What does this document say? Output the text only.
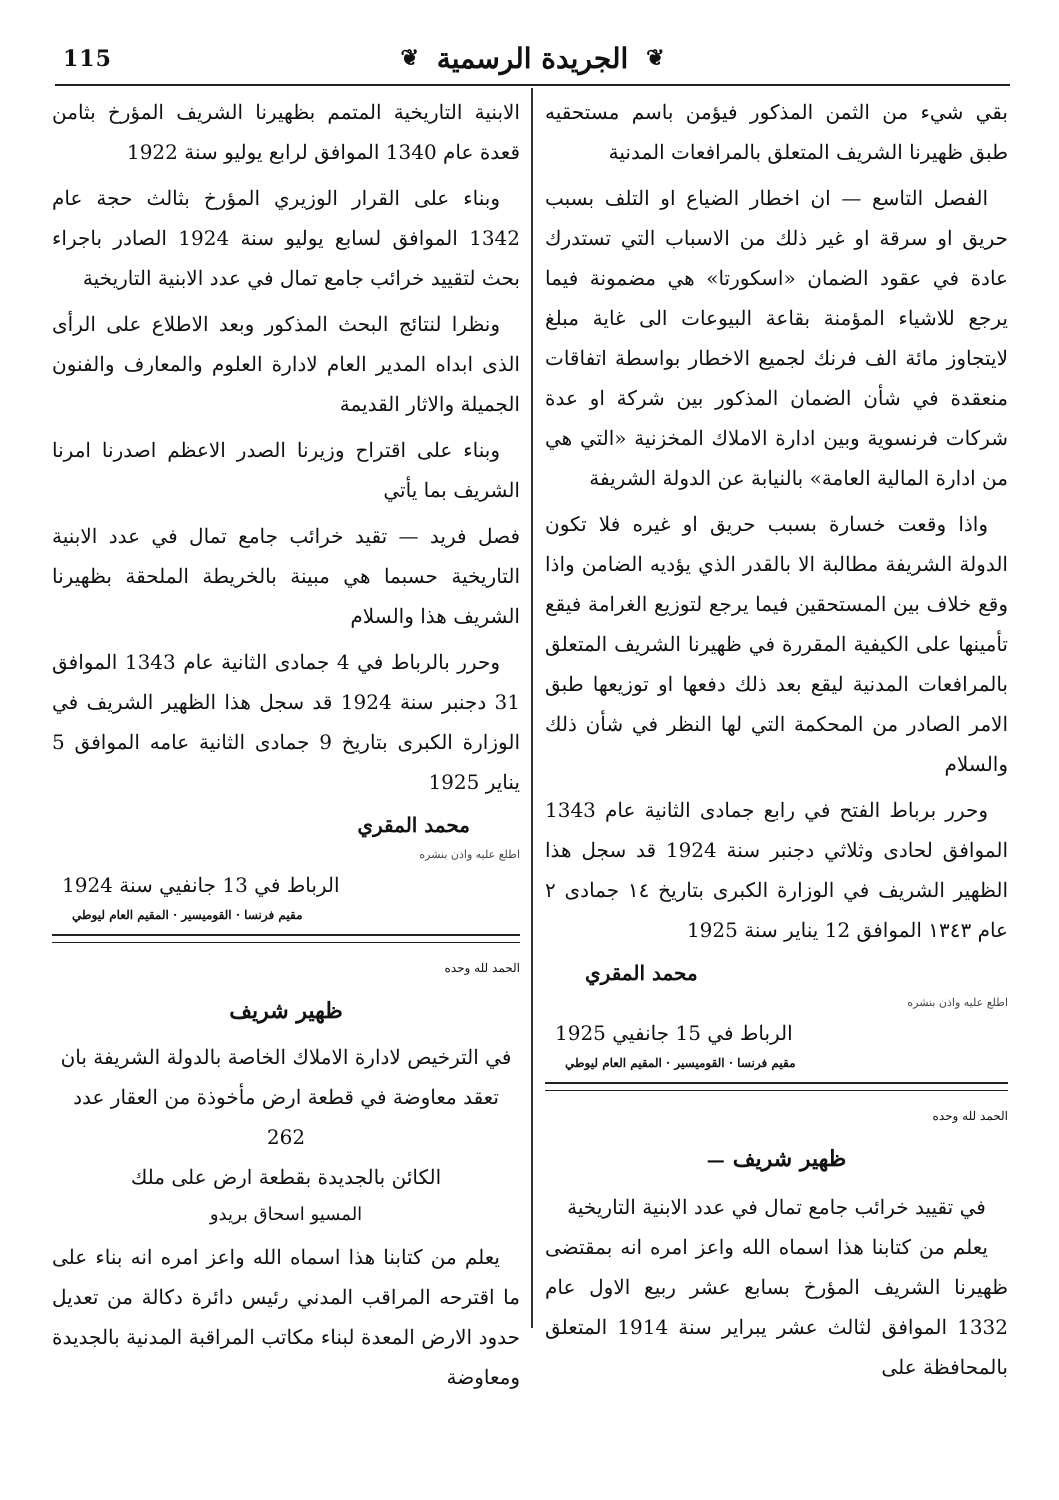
115	❦ الجريدة الرسمية ❦

بقي شيء من الثمن المذكور فيؤمن باسم مستحقيه طبق ظهيرنا الشريف المتعلق بالمرافعات المدنية

الفصل التاسع — ان اخطار الضياع او التلف بسبب حريق او سرقة او غير ذلك من الاسباب التي تستدرك عادة في عقود الضمان «اسكورتا» هي مضمونة فيما يرجع للاشياء المؤمنة بقاعة البيوعات الى غاية مبلغ لايتجاوز مائة الف فرنك لجميع الاخطار بواسطة اتفاقات منعقدة في شأن الضمان المذكور بين شركة او عدة شركات فرنسوية وبين ادارة الاملاك المخزنية «التي هي من ادارة المالية العامة» بالنيابة عن الدولة الشريفة

واذا وقعت خسارة بسبب حريق او غيره فلا تكون الدولة الشريفة مطالبة الا بالقدر الذي يؤديه الضامن واذا وقع خلاف بين المستحقين فيما يرجع لتوزيع الغرامة فيقع تأمينها على الكيفية المقررة في ظهيرنا الشريف المتعلق بالمرافعات المدنية ليقع بعد ذلك دفعها او توزيعها طبق الامر الصادر من المحكمة التي لها النظر في شأن ذلك والسلام

وحرر برباط الفتح في رابع جمادى الثانية عام 1343 الموافق لحادى وثلاثي دجنبر سنة 1924 قد سجل هذا الظهير الشريف في الوزارة الكبرى بتاريخ ١٤ جمادى ٢ عام ١٣٤٣ الموافق 12 يناير سنة 1925

محمد المقري
اطلع عليه واذن بنشره
الرباط في 15 جانفيي 1925
مقيم فرنسا · القوميسير · المقيم العام ليوطي
الحمد لله وحده
ظهير شريف—

في تقييد خرائب جامع تمال في عدد الابنية التاريخية

يعلم من كتابنا هذا اسماه الله واعز امره انه بمقتضى ظهيرنا الشريف المؤرخ بسابع عشر ربيع الاول عام 1332 الموافق لثالث عشر يبراير سنة 1914 المتعلق بالمحافظة على

الابنية التاريخية المتمم بظهيرنا الشريف المؤرخ بثامن قعدة عام 1340 الموافق لرابع يوليو سنة 1922

وبناء على القرار الوزيري المؤرخ بثالث حجة عام 1342 الموافق لسابع يوليو سنة 1924 الصادر باجراء بحث لتقييد خرائب جامع تمال في عدد الابنية التاريخية

ونظرا لنتائج البحث المذكور وبعد الاطلاع على الرأى الذى ابداه المدير العام لادارة العلوم والمعارف والفنون الجميلة والاثار القديمة

وبناء على اقتراح وزيرنا الصدر الاعظم اصدرنا امرنا الشريف بما يأتي

فصل فريد — تقيد خرائب جامع تمال في عدد الابنية التاريخية حسبما هي مبينة بالخريطة الملحقة بظهيرنا الشريف هذا والسلام

وحرر بالرباط في 4 جمادى الثانية عام 1343 الموافق 31 دجنبر سنة 1924 قد سجل هذا الظهير الشريف في الوزارة الكبرى بتاريخ 9 جمادى الثانية عامه الموافق 5 يناير 1925

محمد المقري
اطلع عليه واذن بنشره
الرباط في 13 جانفيي سنة 1924
مقيم فرنسا · القوميسير · المقيم العام ليوطي
الحمد لله وحده
ظهير شريف

في الترخيص لادارة الاملاك الخاصة بالدولة الشريفة بان تعقد معاوضة في قطعة ارض مأخوذة من العقار عدد 262

الكائن بالجديدة بقطعة ارض على ملك

المسيو اسحاق بريدو

يعلم من كتابنا هذا اسماه الله واعز امره انه بناء على ما اقترحه المراقب المدني رئيس دائرة دكالة من تعديل حدود الارض المعدة لبناء مكاتب المراقبة المدنية بالجديدة ومعاوضة
